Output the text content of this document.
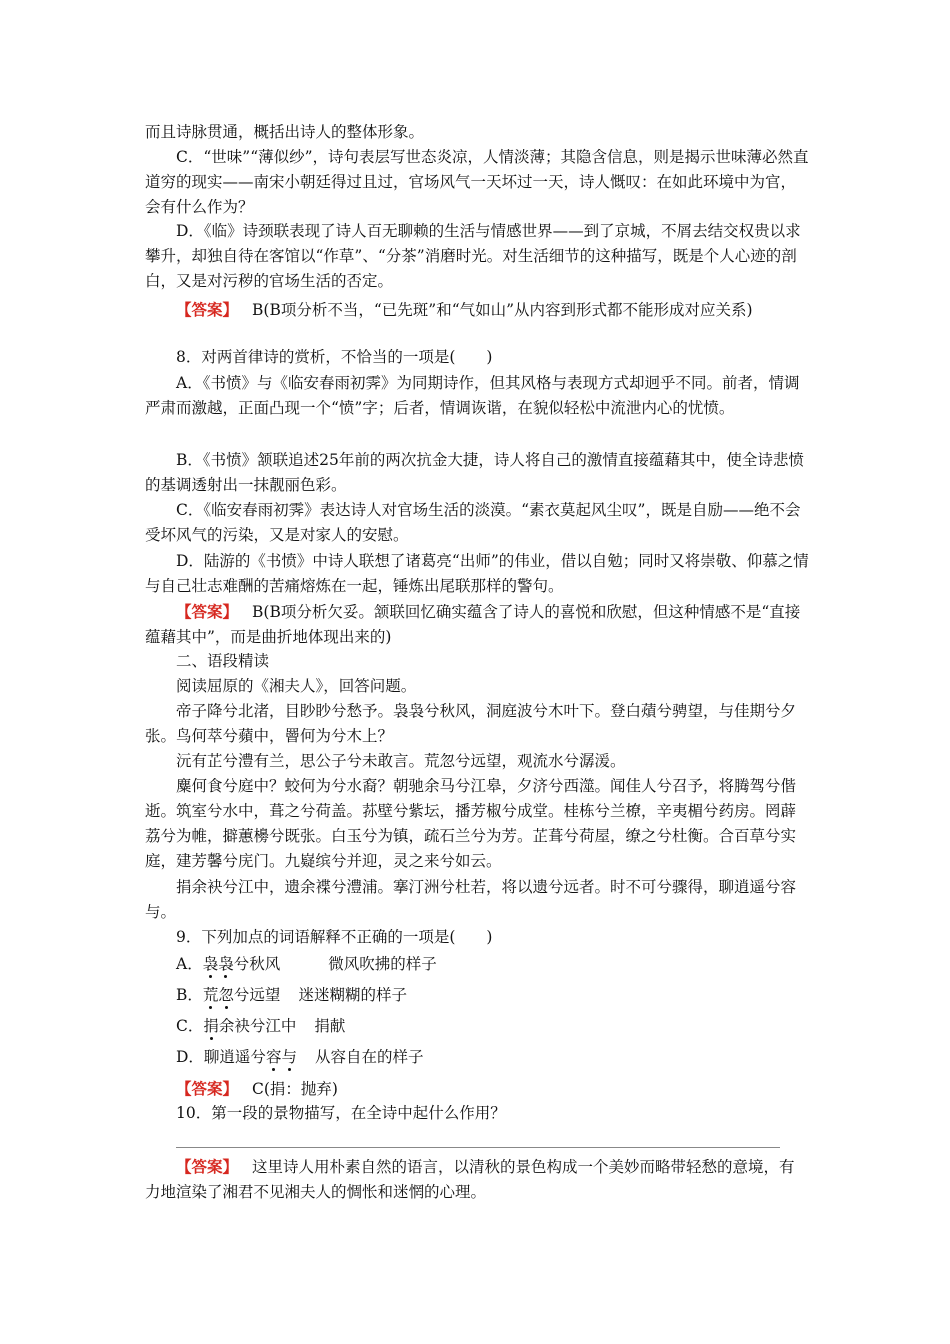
而且诗脉贯通，概括出诗人的整体形象。

C．“世味”“薄似纱”，诗句表层写世态炎凉，人情淡薄；其隐含信息，则是揭示世味薄必然直道穷的现实——南宋小朝廷得过且过，官场风气一天坏过一天，诗人慨叹：在如此环境中为官，会有什么作为？

D．《临》诗颈联表现了诗人百无聊赖的生活与情感世界——到了京城，不屑去结交权贵以求攀升，却独自待在客馆以“作草”、“分茶”消磨时光。对生活细节的这种描写，既是个人心迹的剖白，又是对污秽的官场生活的否定。

【答案】 B(B项分析不当，“已先斑”和“气如山”从内容到形式都不能形成对应关系)

8．对两首律诗的赏析，不恰当的一项是(　　)

A．《书愤》与《临安春雨初霁》为同期诗作，但其风格与表现方式却迥乎不同。前者，情调严肃而激越，正面凸现一个“愤”字；后者，情调诙谐，在貌似轻松中流泄内心的忧愤。

B．《书愤》颔联追述25年前的两次抗金大捷，诗人将自己的激情直接蕴藉其中，使全诗悲愤的基调透射出一抹靓丽色彩。

C．《临安春雨初霁》表达诗人对官场生活的淡漠。“素衣莫起风尘叹”，既是自励——绝不会受坏风气的污染，又是对家人的安慰。

D．陆游的《书愤》中诗人联想了诸葛亮“出师”的伟业，借以自勉；同时又将崇敬、仰慕之情与自己壮志难酬的苦痛熔炼在一起，锤炼出尾联那样的警句。

【答案】 B(B项分析欠妥。颔联回忆确实蕴含了诗人的喜悦和欣慰，但这种情感不是“直接蕴藉其中”，而是曲折地体现出来的)

二、语段精读

阅读屈原的《湘夫人》，回答问题。

帝子降兮北渚，目眇眇兮愁予。袅袅兮秋风，洞庭波兮木叶下。登白薠兮骋望，与佳期兮夕张。鸟何萃兮蘋中，罾何为兮木上？

沅有芷兮澧有兰，思公子兮未敢言。荒忽兮远望，观流水兮潺湲。

麋何食兮庭中？蛟何为兮水裔？朝驰余马兮江皋，夕济兮西澨。闻佳人兮召予，将腾驾兮偕逝。筑室兮水中，葺之兮荷盖。荪壁兮紫坛，播芳椒兮成堂。桂栋兮兰橑，辛夷楣兮药房。罔薜荔兮为帷，擗蕙櫋兮既张。白玉兮为镇，疏石兰兮为芳。芷葺兮荷屋，缭之兮杜衡。合百草兮实庭，建芳馨兮庑门。九嶷缤兮并迎，灵之来兮如云。

捐余袂兮江中，遗余褋兮澧浦。搴汀洲兮杜若，将以遗兮远者。时不可兮骤得，聊逍遥兮容与。

9．下列加点的词语解释不正确的一项是(　　)

A．袅袅兮秋风	微风吹拂的样子

B．荒忽兮远望 迷迷糊糊的样子

C．捐余袂兮江中 捐献

D．聊逍遥兮容与 从容自在的样子

【答案】 C(捐：抛弃)

10．第一段的景物描写，在全诗中起什么作用？

【答案】 这里诗人用朴素自然的语言，以清秋的景色构成一个美妙而略带轻愁的意境，有力地渲染了湘君不见湘夫人的惆怅和迷惘的心理。
